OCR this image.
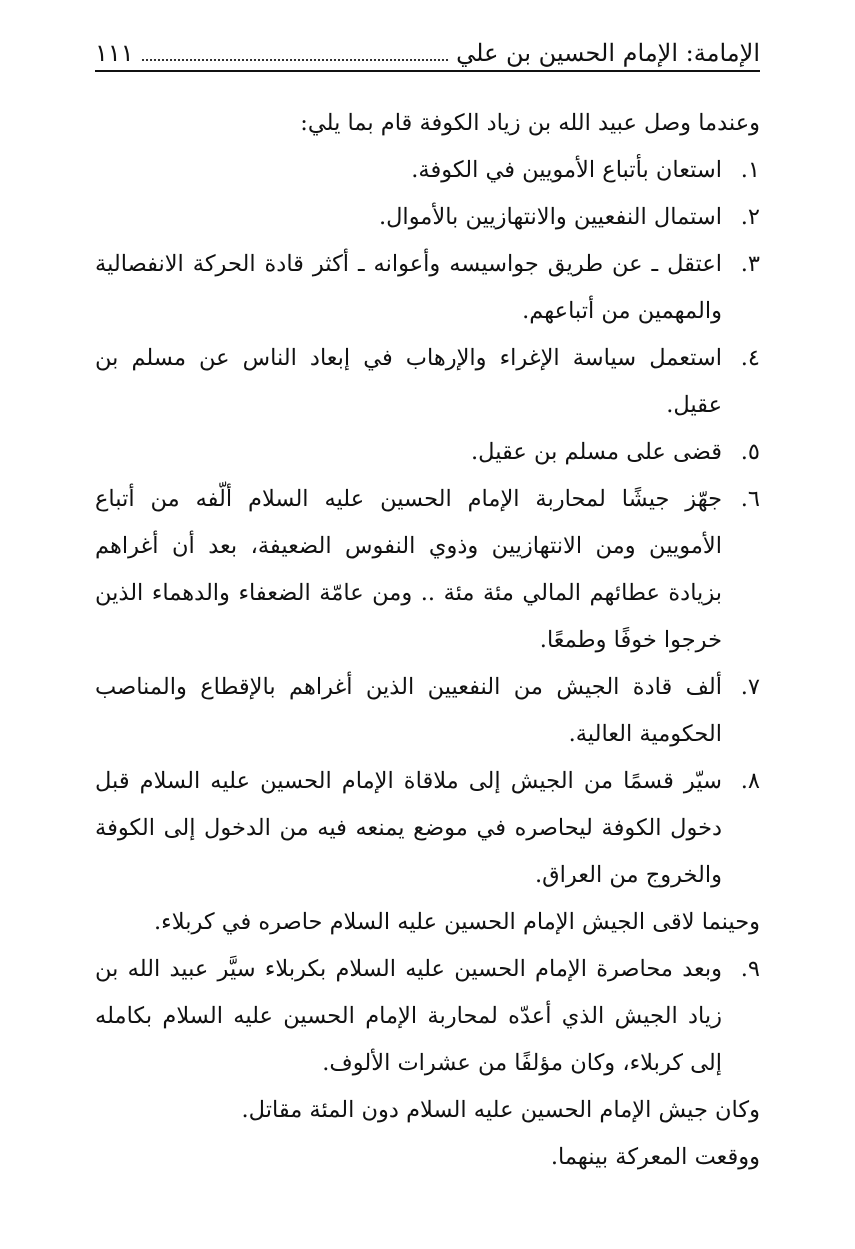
الإمامة: الإمام الحسين بن علي
١١١

وعندما وصل عبيد الله بن زياد الكوفة قام بما يلي:

١.
استعان بأتباع الأمويين في الكوفة.
٢.
استمال النفعيين والانتهازيين بالأموال.
٣.
اعتقل ـ عن طريق جواسيسه وأعوانه ـ أكثر قادة الحركة الانفصالية والمهمين من أتباعهم.
٤.
استعمل سياسة الإغراء والإرهاب في إبعاد الناس عن مسلم بن عقيل.
٥.
قضى على مسلم بن عقيل.
٦.
جهّز جيشًا لمحاربة الإمام الحسين عليه السلام ألّفه من أتباع الأمويين ومن الانتهازيين وذوي النفوس الضعيفة، بعد أن أغراهم بزيادة عطائهم المالي مئة مئة .. ومن عامّة الضعفاء والدهماء الذين خرجوا خوفًا وطمعًا.
٧.
ألف قادة الجيش من النفعيين الذين أغراهم بالإقطاع والمناصب الحكومية العالية.
٨.
سيّر قسمًا من الجيش إلى ملاقاة الإمام الحسين عليه السلام قبل دخول الكوفة ليحاصره في موضع يمنعه فيه من الدخول إلى الكوفة والخروج من العراق.

وحينما لاقى الجيش الإمام الحسين عليه السلام حاصره في كربلاء.

٩.
وبعد محاصرة الإمام الحسين عليه السلام بكربلاء سيَّر عبيد الله بن زياد الجيش الذي أعدّه لمحاربة الإمام الحسين عليه السلام بكامله إلى كربلاء، وكان مؤلفًا من عشرات الألوف.

وكان جيش الإمام الحسين عليه السلام دون المئة مقاتل.

ووقعت المعركة بينهما.
